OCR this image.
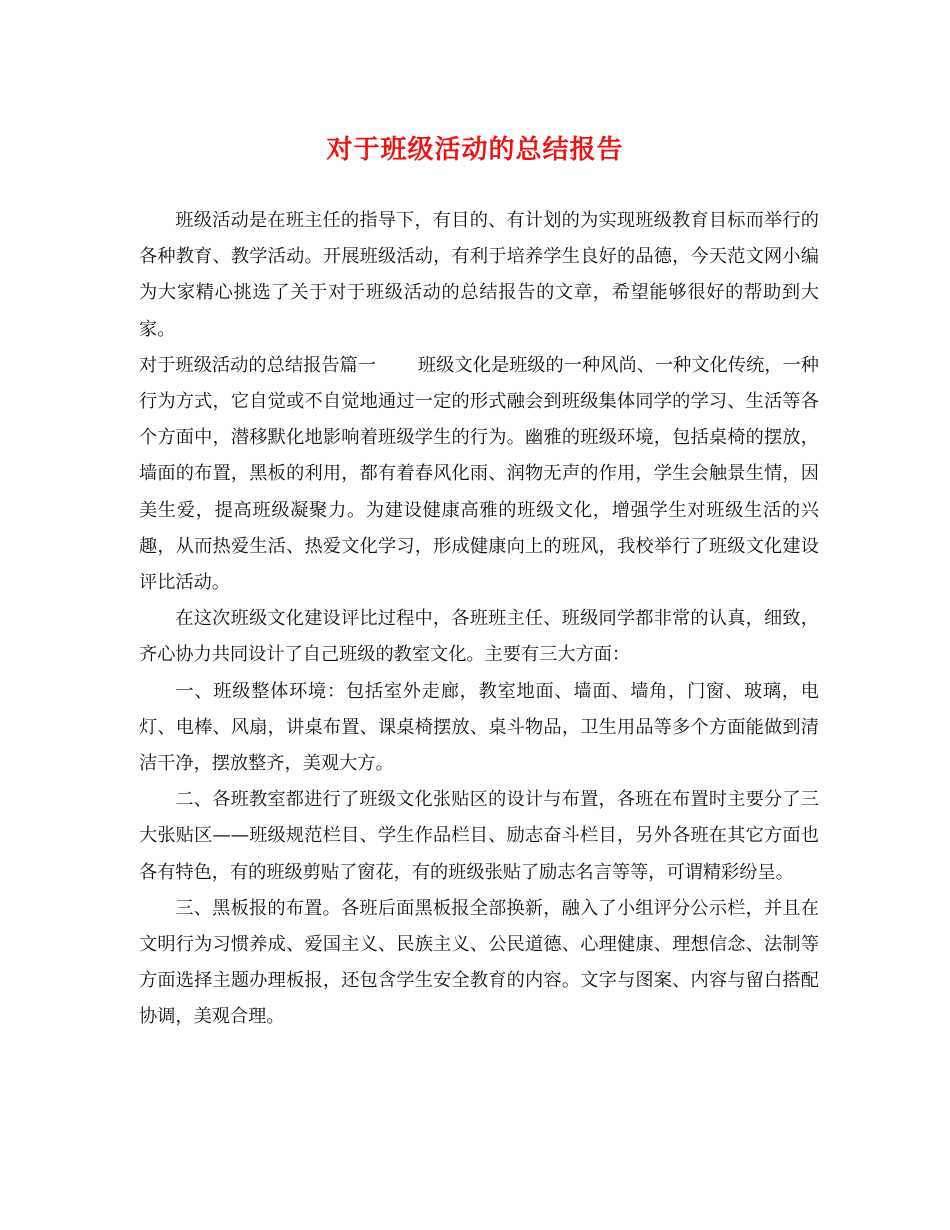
对于班级活动的总结报告

班级活动是在班主任的指导下，有目的、有计划的为实现班级教育目标而举行的各种教育、教学活动。开展班级活动，有利于培养学生良好的品德，今天范文网小编为大家精心挑选了关于对于班级活动的总结报告的文章，希望能够很好的帮助到大家。

对于班级活动的总结报告篇一 班级文化是班级的一种风尚、一种文化传统，一种行为方式，它自觉或不自觉地通过一定的形式融会到班级集体同学的学习、生活等各个方面中，潜移默化地影响着班级学生的行为。幽雅的班级环境，包括桌椅的摆放，墙面的布置，黑板的利用，都有着春风化雨、润物无声的作用，学生会触景生情，因美生爱，提高班级凝聚力。为建设健康高雅的班级文化，增强学生对班级生活的兴趣，从而热爱生活、热爱文化学习，形成健康向上的班风，我校举行了班级文化建设评比活动。

在这次班级文化建设评比过程中，各班班主任、班级同学都非常的认真，细致，齐心协力共同设计了自己班级的教室文化。主要有三大方面：

一、班级整体环境：包括室外走廊，教室地面、墙面、墙角，门窗、玻璃，电灯、电棒、风扇，讲桌布置、课桌椅摆放、桌斗物品，卫生用品等多个方面能做到清洁干净，摆放整齐，美观大方。

二、各班教室都进行了班级文化张贴区的设计与布置，各班在布置时主要分了三大张贴区——班级规范栏目、学生作品栏目、励志奋斗栏目，另外各班在其它方面也各有特色，有的班级剪贴了窗花，有的班级张贴了励志名言等等，可谓精彩纷呈。

三、黑板报的布置。各班后面黑板报全部换新，融入了小组评分公示栏，并且在文明行为习惯养成、爱国主义、民族主义、公民道德、心理健康、理想信念、法制等方面选择主题办理板报，还包含学生安全教育的内容。文字与图案、内容与留白搭配协调，美观合理。
